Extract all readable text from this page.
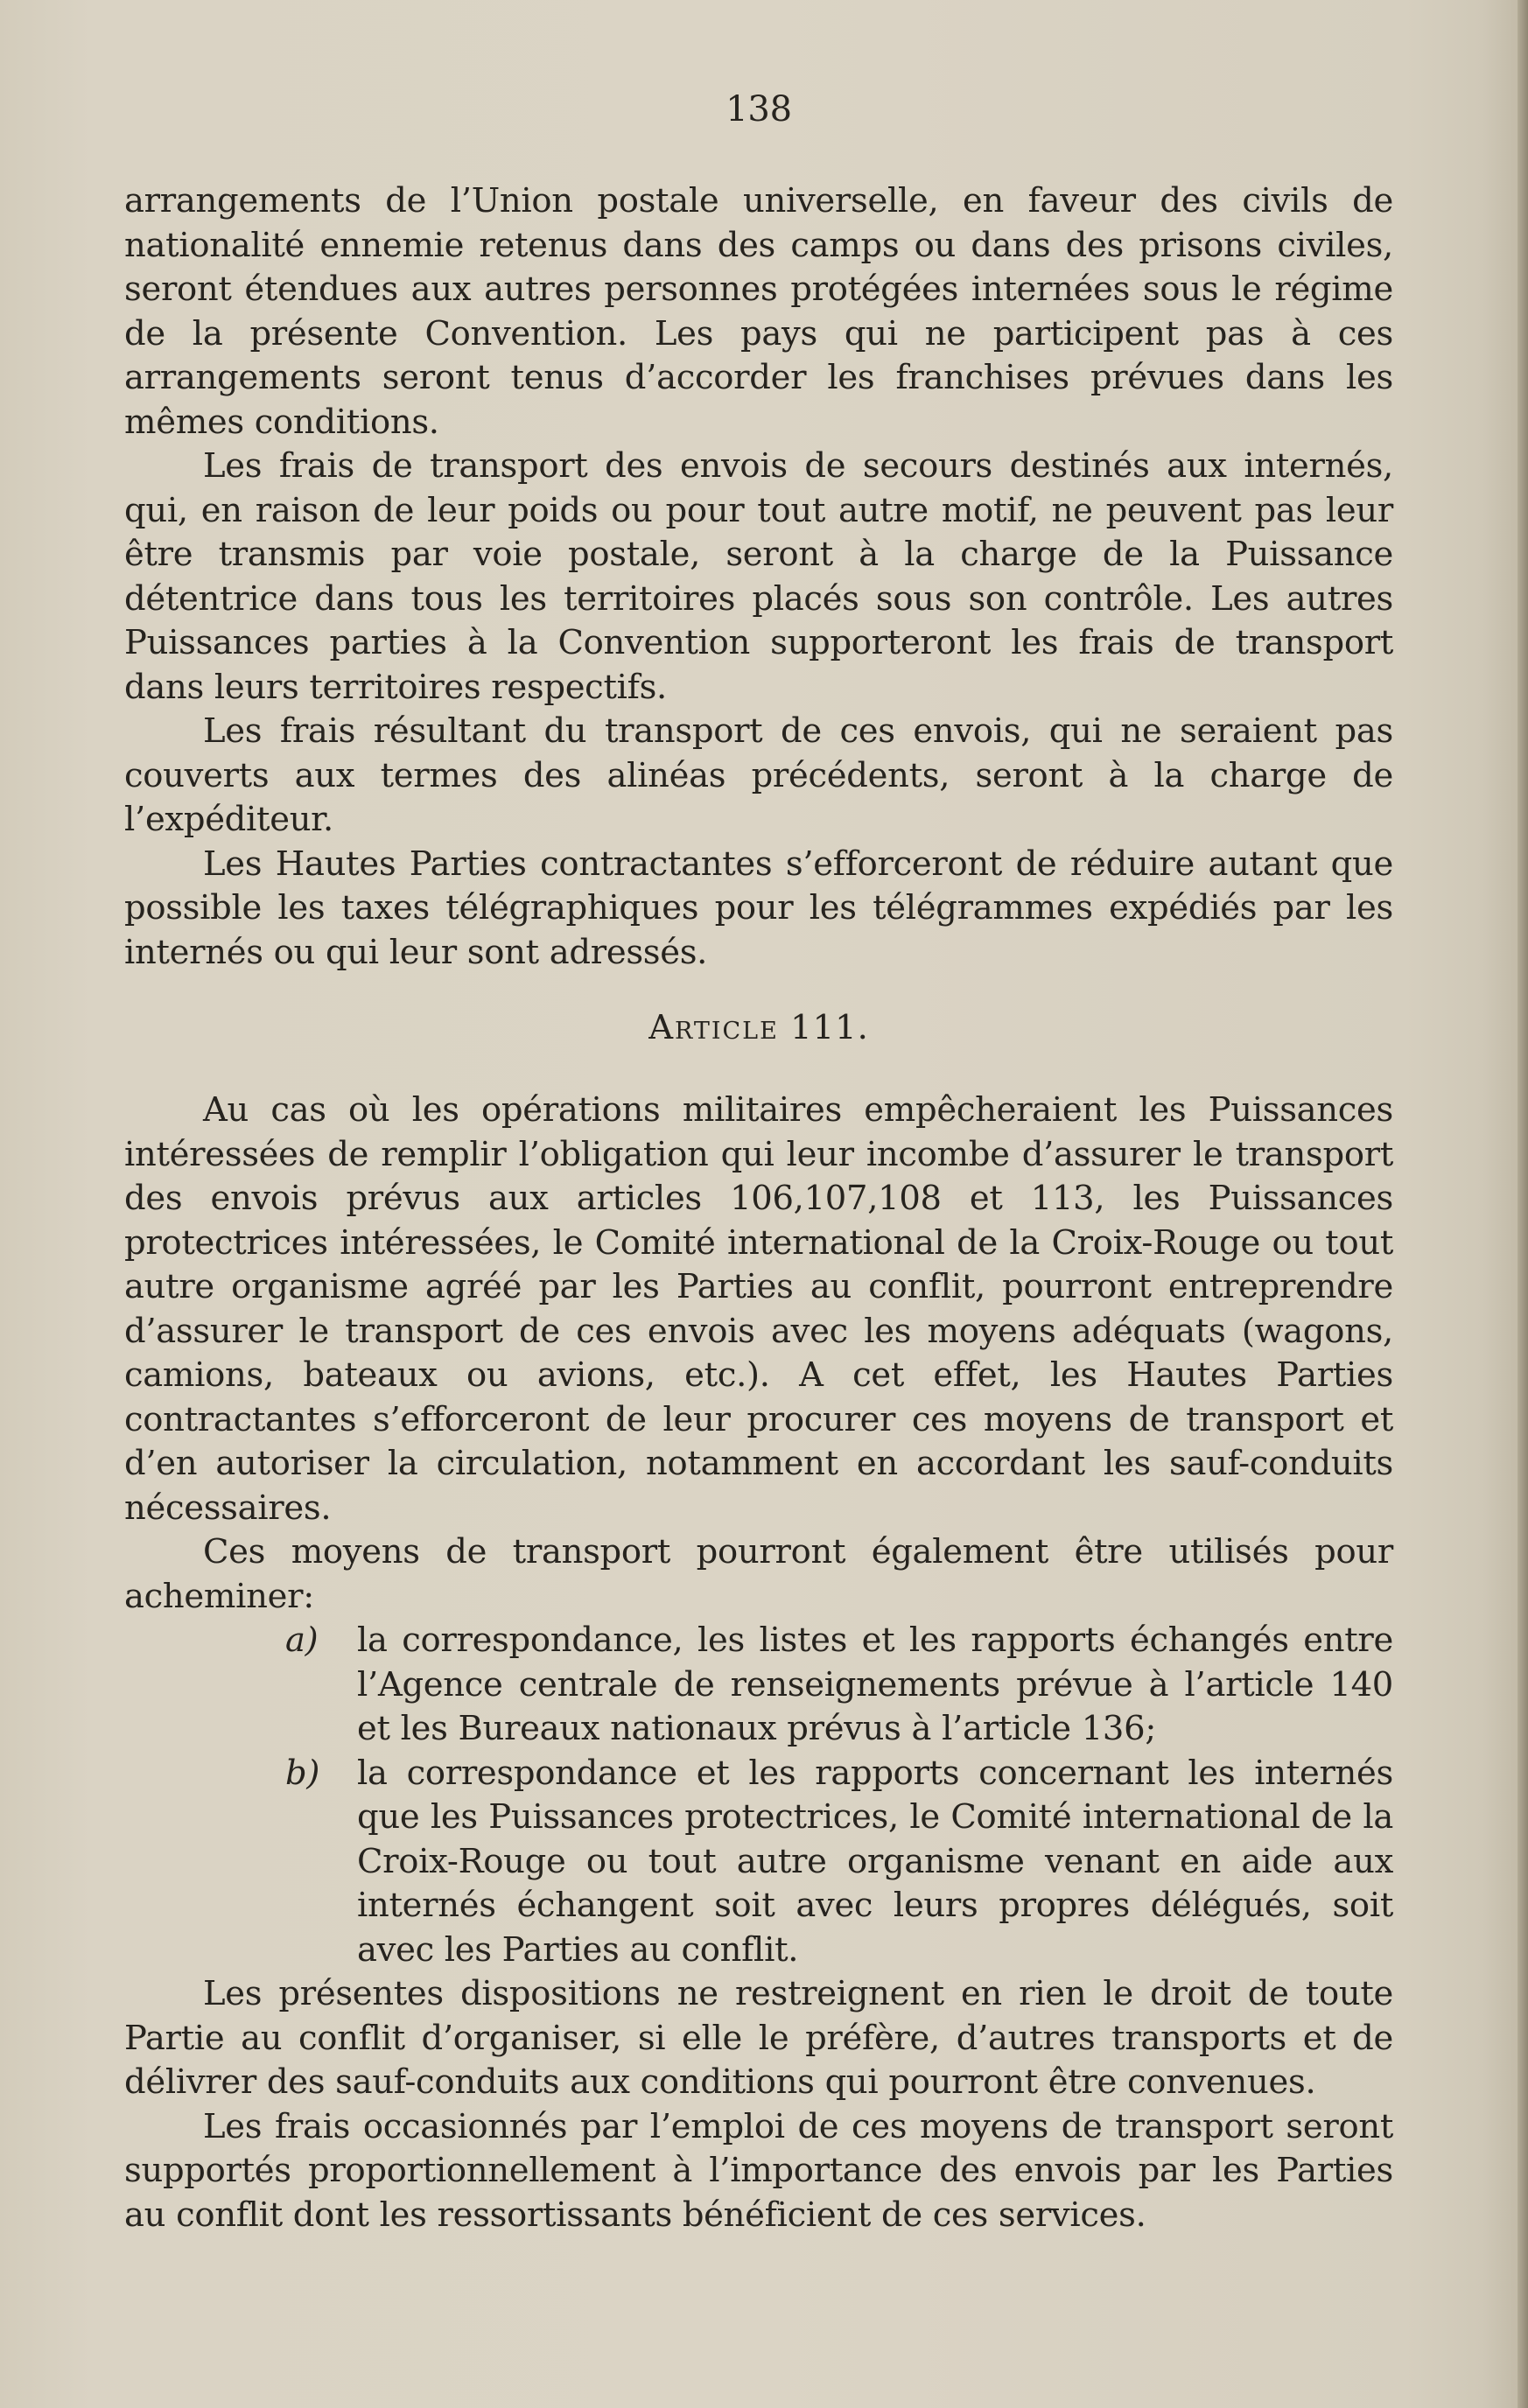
138

arrangements de l’Union postale universelle, en faveur des civils de nationalité ennemie retenus dans des camps ou dans des prisons civiles, seront étendues aux autres personnes protégées internées sous le régime de la présente Convention. Les pays qui ne participent pas à ces arrangements seront tenus d’accorder les franchises prévues dans les mêmes conditions.

Les frais de transport des envois de secours destinés aux internés, qui, en raison de leur poids ou pour tout autre motif, ne peuvent pas leur être transmis par voie postale, seront à la charge de la Puissance détentrice dans tous les territoires placés sous son contrôle. Les autres Puissances parties à la Convention supporteront les frais de transport dans leurs territoires respectifs.

Les frais résultant du transport de ces envois, qui ne seraient pas couverts aux termes des alinéas précédents, seront à la charge de l’expéditeur.

Les Hautes Parties contractantes s’efforceront de réduire autant que possible les taxes télégraphiques pour les télégrammes expédiés par les internés ou qui leur sont adressés.

Article 111.

Au cas où les opérations militaires empêcheraient les Puissances intéressées de remplir l’obligation qui leur incombe d’assurer le transport des envois prévus aux articles 106,107,108 et 113, les Puissances protectrices intéressées, le Comité international de la Croix-Rouge ou tout autre organisme agréé par les Parties au conflit, pourront entreprendre d’assurer le transport de ces envois avec les moyens adéquats (wagons, camions, bateaux ou avions, etc.). A cet effet, les Hautes Parties contractantes s’efforceront de leur procurer ces moyens de transport et d’en autoriser la circulation, notamment en accordant les sauf-conduits nécessaires.

Ces moyens de transport pourront également être utilisés pour acheminer:

a) la correspondance, les listes et les rapports échangés entre l’Agence centrale de renseignements prévue à l’article 140 et les Bureaux nationaux prévus à l’article 136;
b) la correspondance et les rapports concernant les internés que les Puissances protectrices, le Comité international de la Croix-Rouge ou tout autre organisme venant en aide aux internés échangent soit avec leurs propres délégués, soit avec les Parties au conflit.

Les présentes dispositions ne restreignent en rien le droit de toute Partie au conflit d’organiser, si elle le préfère, d’autres transports et de délivrer des sauf-conduits aux conditions qui pourront être convenues.

Les frais occasionnés par l’emploi de ces moyens de transport seront supportés proportionnellement à l’importance des envois par les Parties au conflit dont les ressortissants bénéficient de ces services.
